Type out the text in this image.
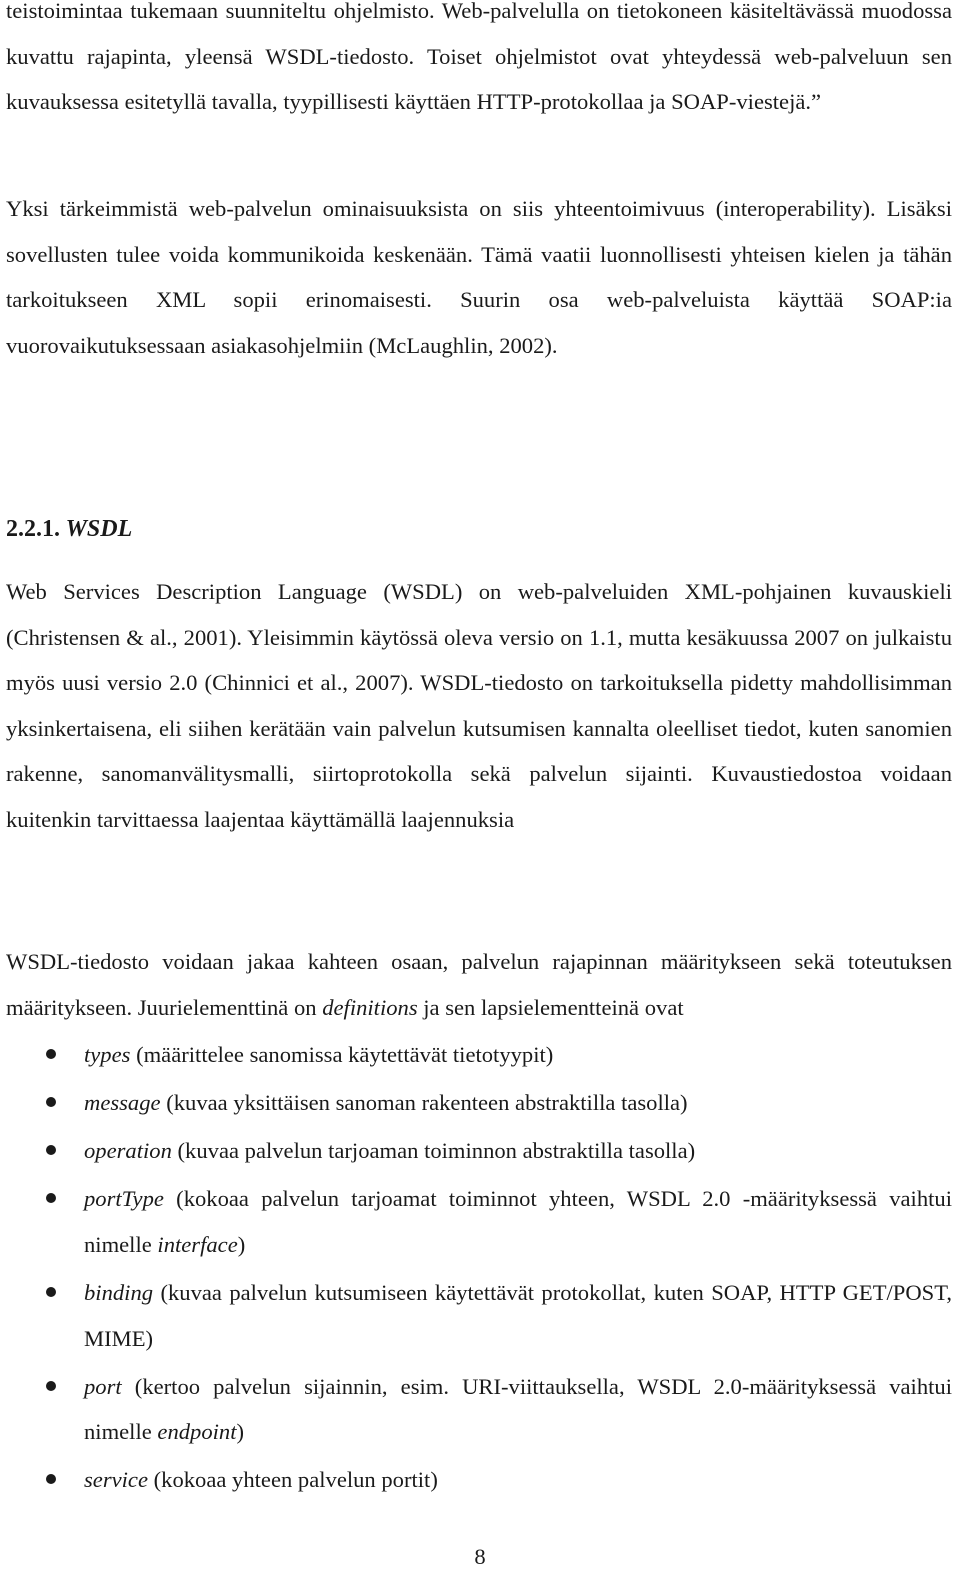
teistoimintaa tukemaan suunniteltu ohjelmisto. Web-palvelulla on tietokoneen käsiteltävässä muodossa kuvattu rajapinta, yleensä WSDL-tiedosto. Toiset ohjelmistot ovat yhteydessä web-palveluun sen kuvauksessa esitetyllä tavalla, tyypillisesti käyttäen HTTP-protokollaa ja SOAP-viestejä.”

Yksi tärkeimmistä web-palvelun ominaisuuksista on siis yhteentoimivuus (interoperability). Lisäksi sovellusten tulee voida kommunikoida keskenään. Tämä vaatii luonnollisesti yhteisen kielen ja tähän tarkoitukseen XML sopii erinomaisesti. Suurin osa web-palveluista käyttää SOAP:ia vuorovaikutuksessaan asiakasohjelmiin (McLaughlin, 2002).

2.2.1. WSDL

Web Services Description Language (WSDL) on web-palveluiden XML-pohjainen kuvauskieli (Christensen & al., 2001). Yleisimmin käytössä oleva versio on 1.1, mutta kesäkuussa 2007 on julkaistu myös uusi versio 2.0 (Chinnici et al., 2007). WSDL-tiedosto on tarkoituksella pidetty mahdollisimman yksinkertaisena, eli siihen kerätään vain palvelun kutsumisen kannalta oleelliset tiedot, kuten sanomien rakenne, sanomanvälitysmalli, siirtoprotokolla sekä palvelun sijainti. Kuvaustiedostoa voidaan kuitenkin tarvittaessa laajentaa käyttämällä laajennuksia

WSDL-tiedosto voidaan jakaa kahteen osaan, palvelun rajapinnan määritykseen sekä toteutuksen määritykseen. Juurielementtinä on definitions ja sen lapsielementteinä ovat

types (määrittelee sanomissa käytettävät tietotyypit)
message (kuvaa yksittäisen sanoman rakenteen abstraktilla tasolla)
operation (kuvaa palvelun tarjoaman toiminnon abstraktilla tasolla)
portType (kokoaa palvelun tarjoamat toiminnot yhteen, WSDL 2.0 -määrityksessä vaihtui nimelle interface)
binding (kuvaa palvelun kutsumiseen käytettävät protokollat, kuten SOAP, HTTP GET/POST, MIME)
port (kertoo palvelun sijainnin, esim. URI-viittauksella, WSDL 2.0-määrityksessä vaihtui nimelle endpoint)
service (kokoaa yhteen palvelun portit)
8
